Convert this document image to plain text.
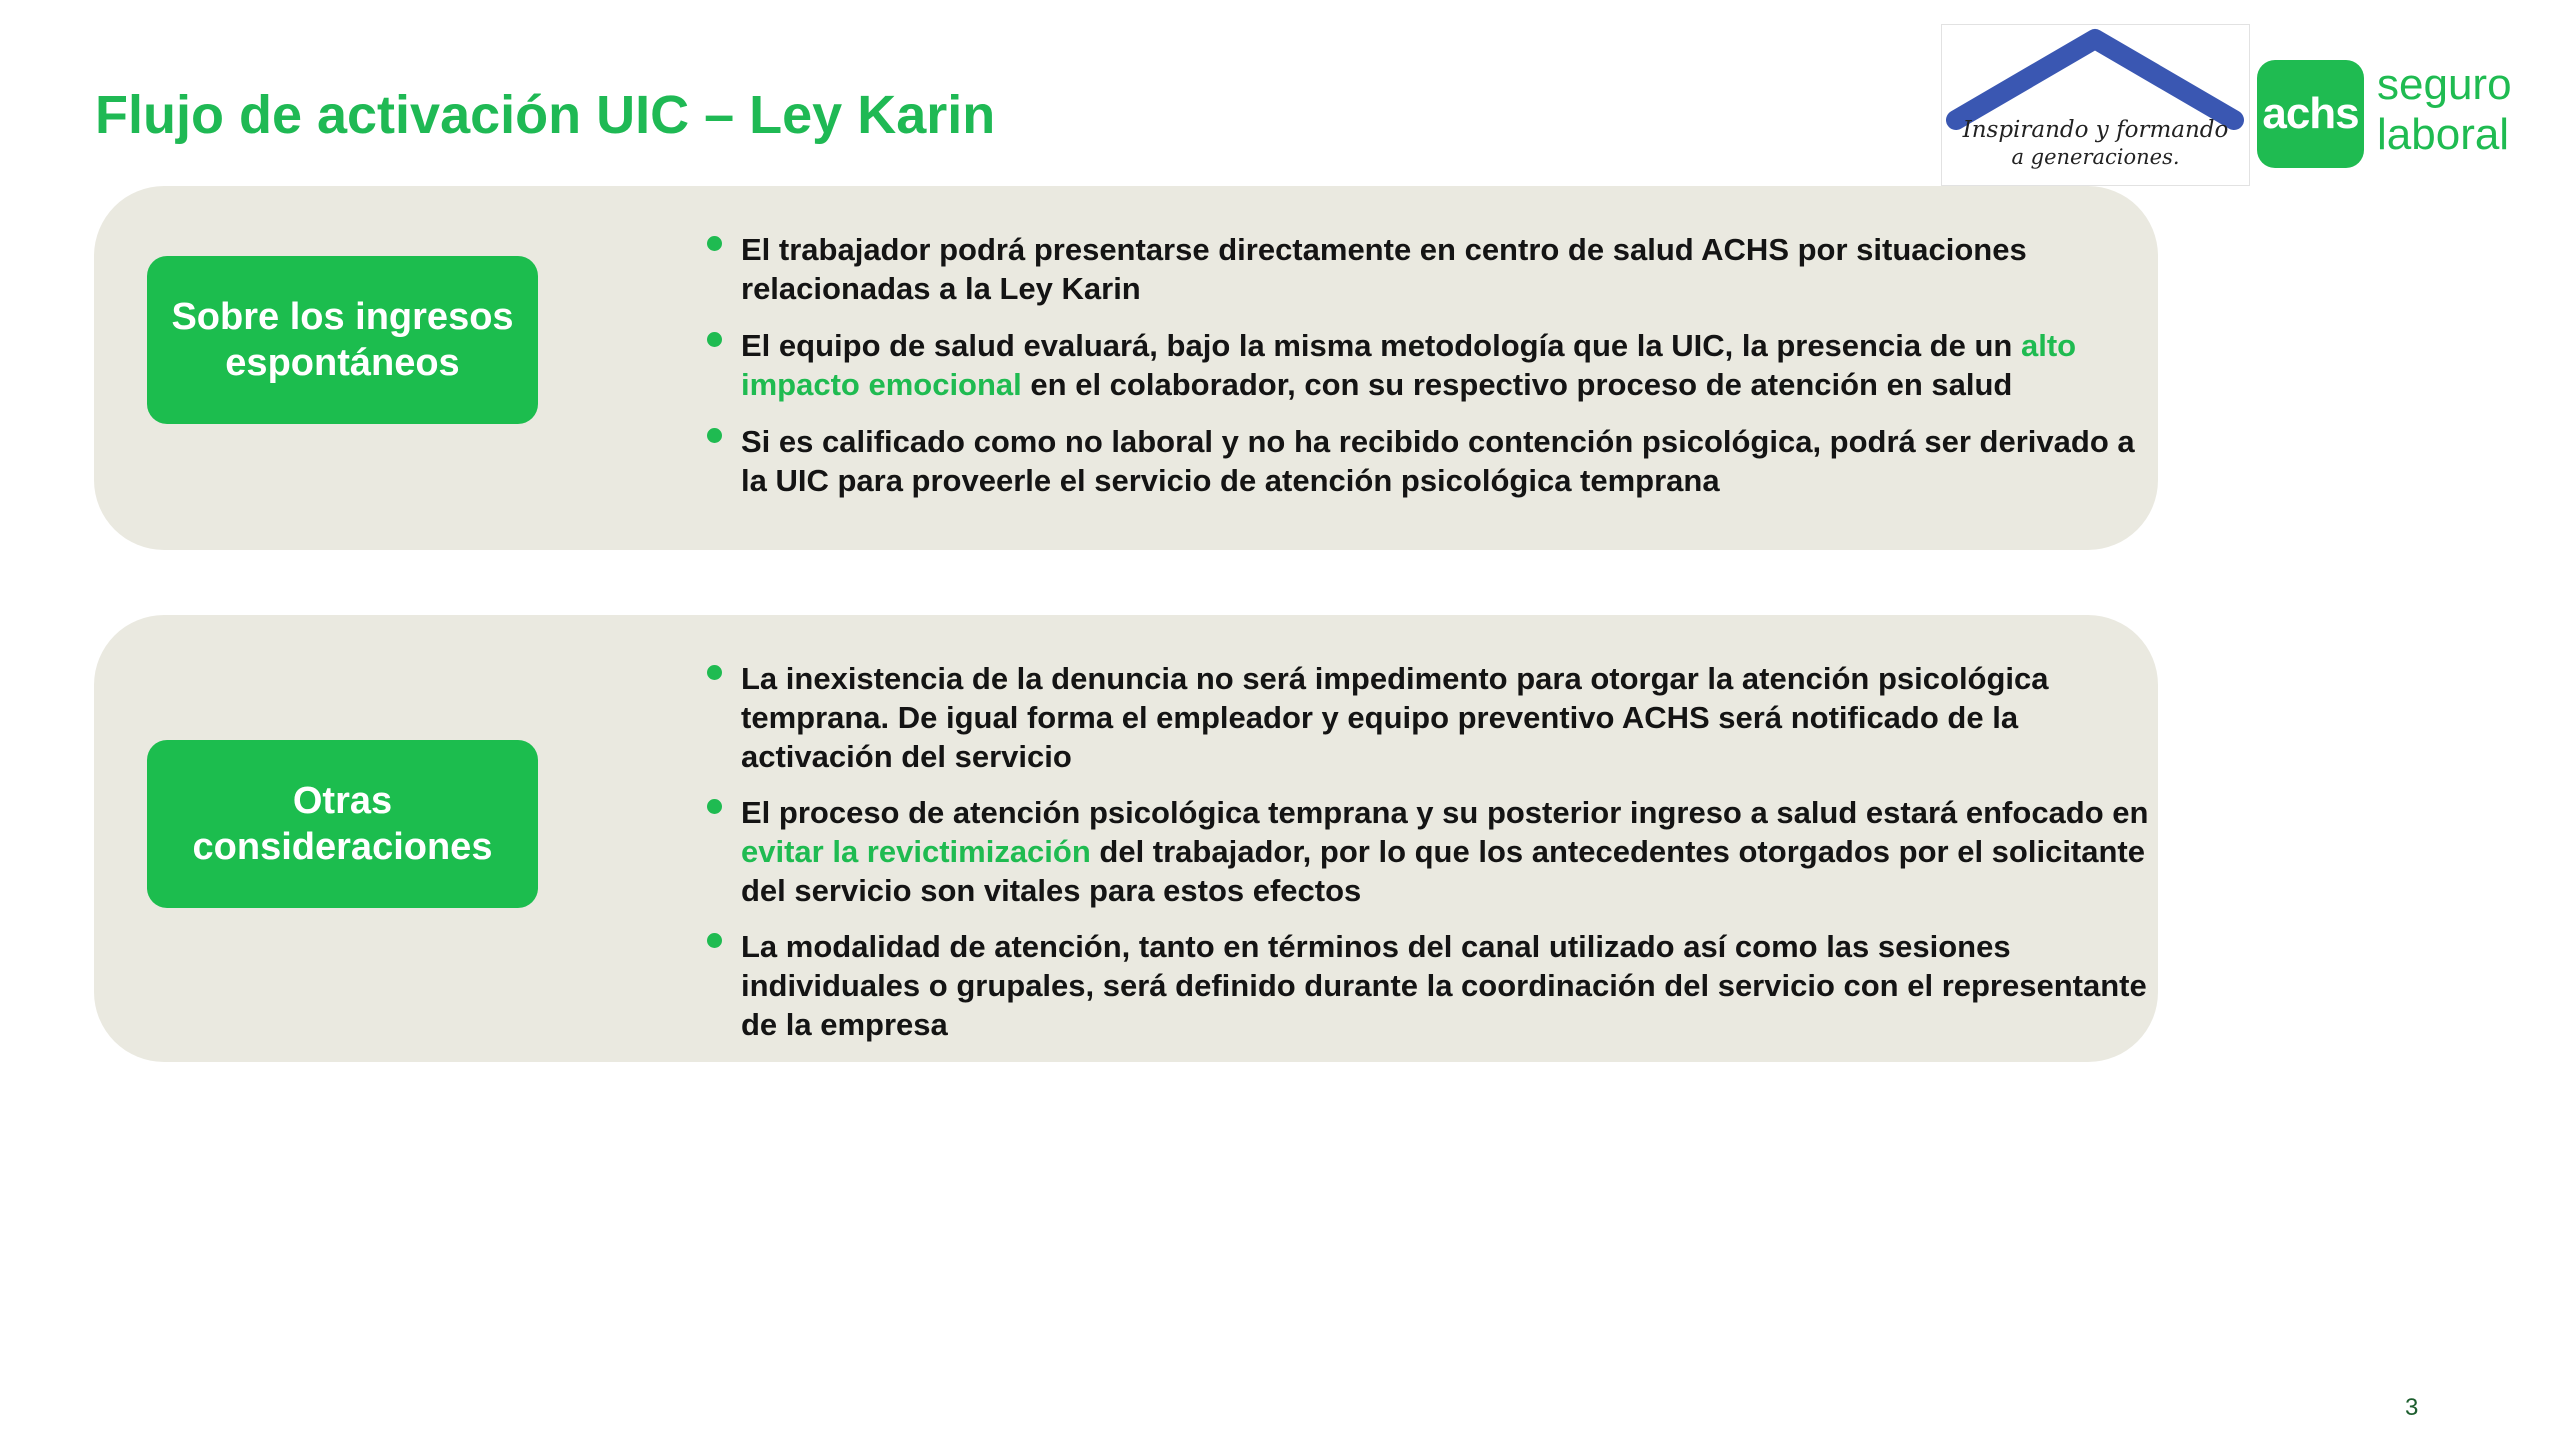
Flujo de activación UIC – Ley Karin	Inspirando y formando
a generaciones.
achs
seguro
laboral
Sobre los ingresos espontáneos
El trabajador podrá presentarse directamente en centro de salud ACHS por situaciones relacionadas a la Ley Karin
El equipo de salud evaluará, bajo la misma metodología que la UIC, la presencia de un alto impacto emocional en el colaborador, con su respectivo proceso de atención en salud
Si es calificado como no laboral y no ha recibido contención psicológica, podrá ser derivado a la UIC para proveerle el servicio de atención psicológica temprana
Otras consideraciones
La inexistencia de la denuncia no será impedimento para otorgar la atención psicológica temprana. De igual forma el empleador y equipo preventivo ACHS será notificado de la activación del servicio
El proceso de atención psicológica temprana y su posterior ingreso a salud estará enfocado en evitar la revictimización del trabajador, por lo que los antecedentes otorgados por el solicitante del servicio son vitales para estos efectos
La modalidad de atención, tanto en términos del canal utilizado así como las sesiones individuales o grupales, será definido durante la coordinación del servicio con el representante de la empresa
3
